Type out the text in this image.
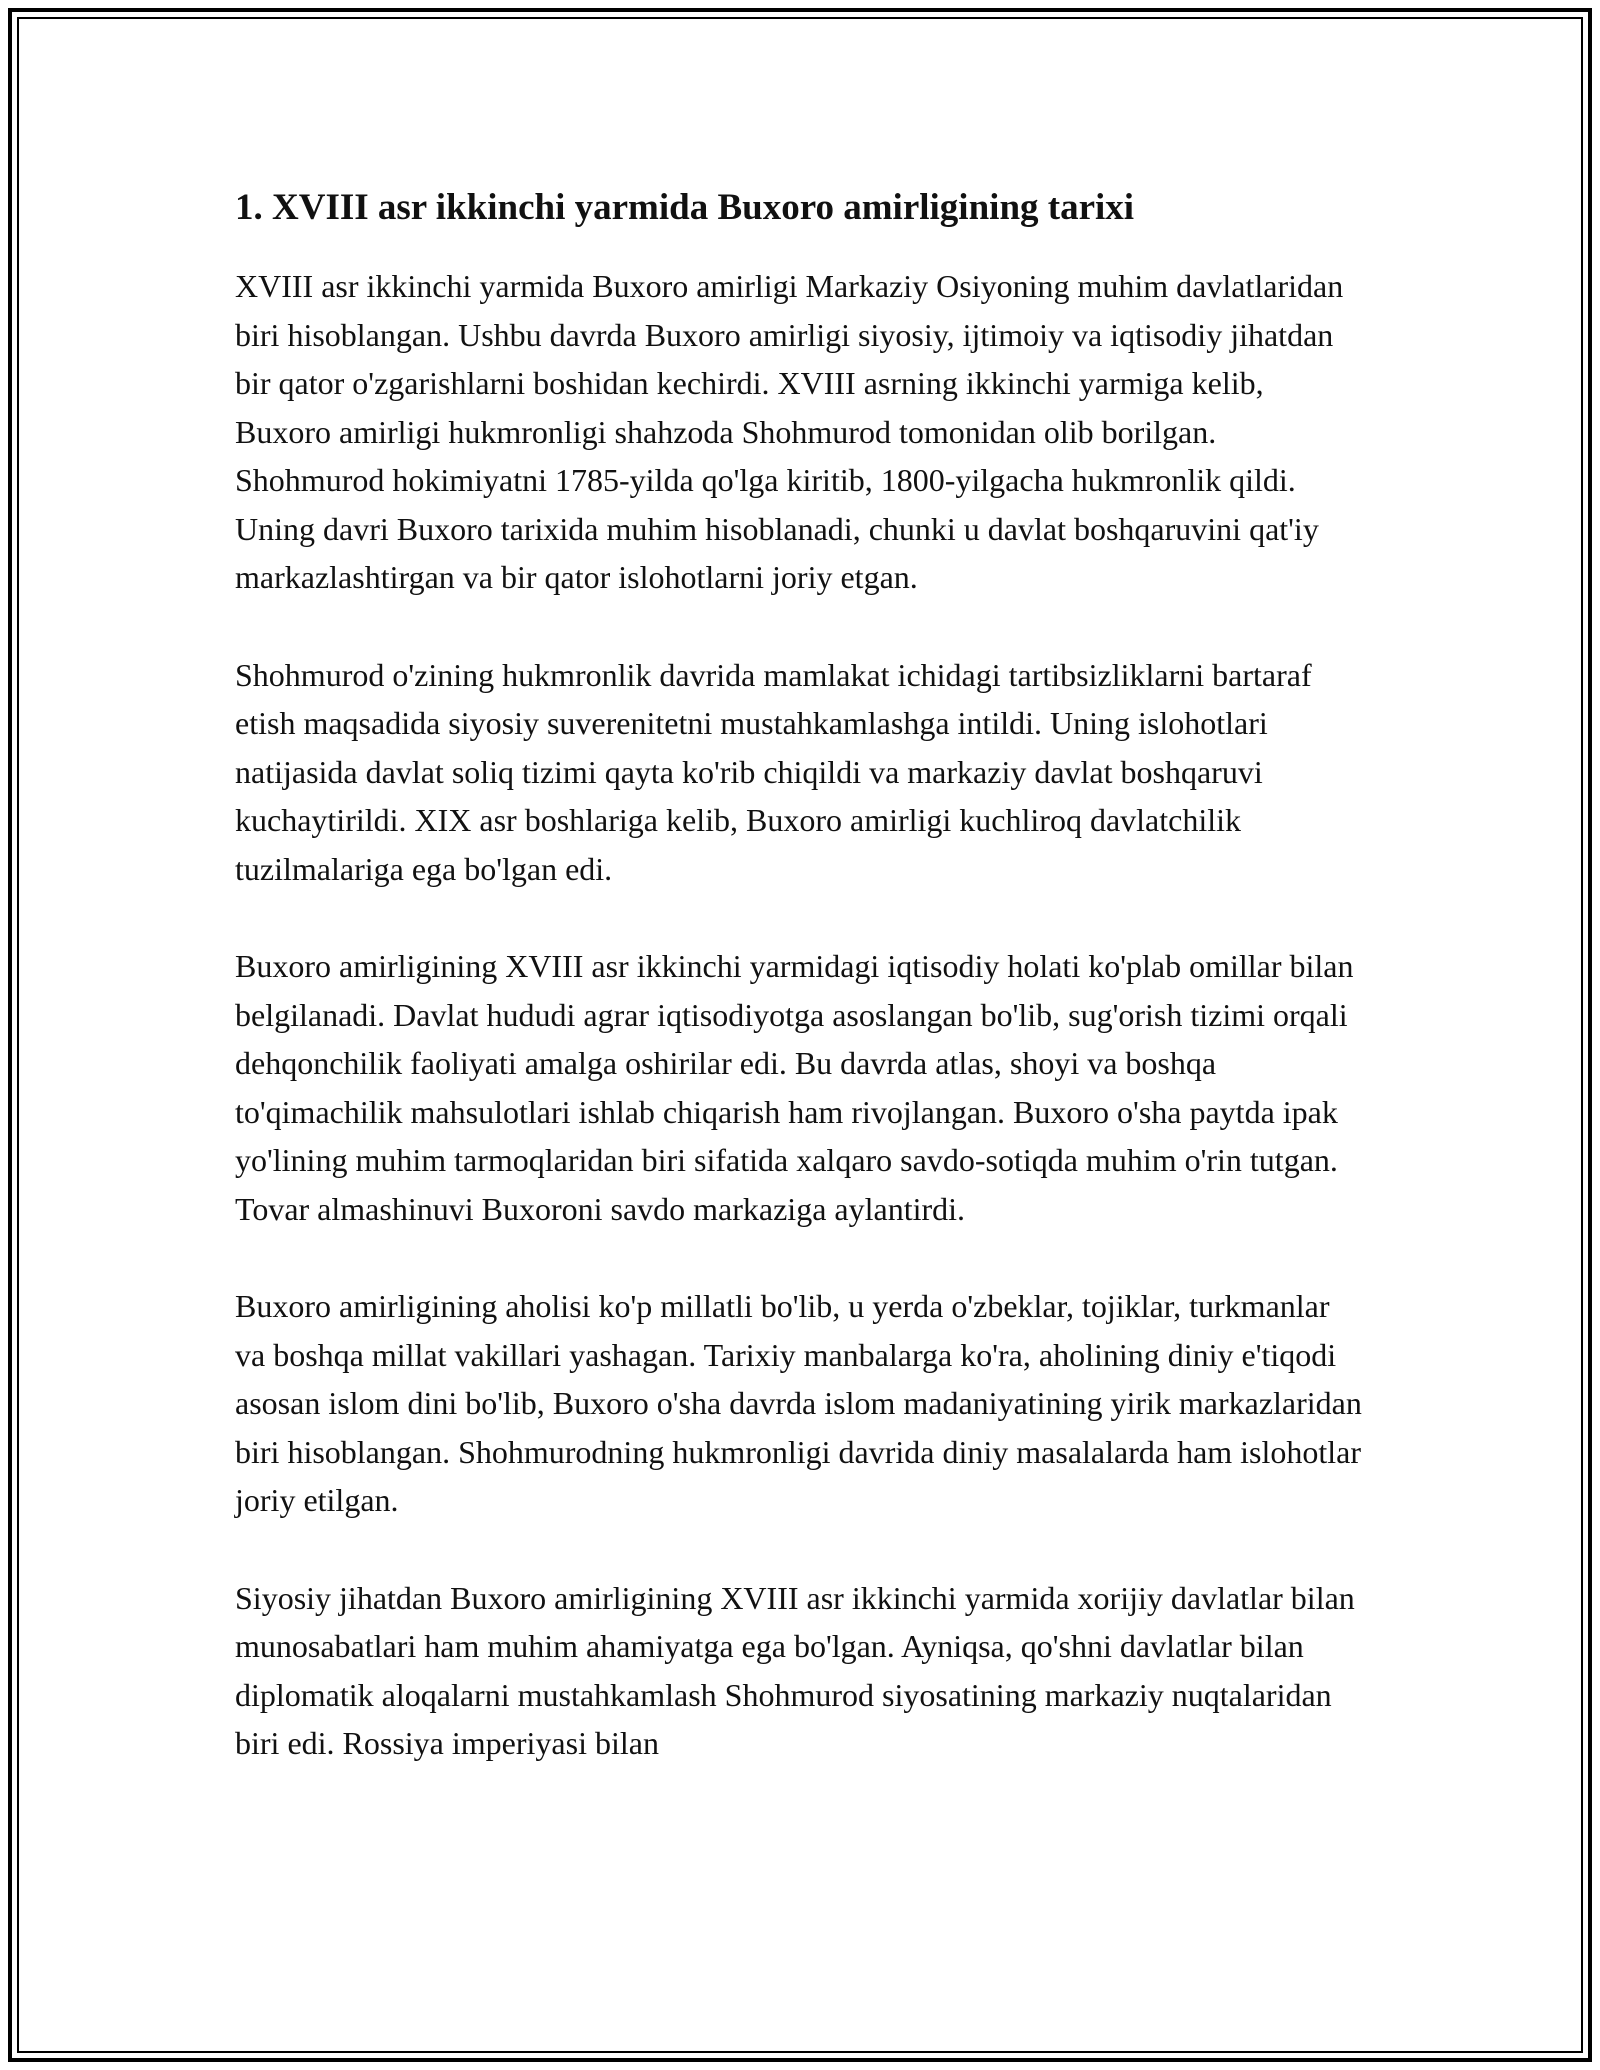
1. XVIII asr ikkinchi yarmida Buxoro amirligining tarixi

XVIII asr ikkinchi yarmida Buxoro amirligi Markaziy Osiyoning muhim davlatlaridan biri hisoblangan. Ushbu davrda Buxoro amirligi siyosiy, ijtimoiy va iqtisodiy jihatdan bir qator o'zgarishlarni boshidan kechirdi. XVIII asrning ikkinchi yarmiga kelib, Buxoro amirligi hukmronligi shahzoda Shohmurod tomonidan olib borilgan. Shohmurod hokimiyatni 1785-yilda qo'lga kiritib, 1800-yilgacha hukmronlik qildi. Uning davri Buxoro tarixida muhim hisoblanadi, chunki u davlat boshqaruvini qat'iy markazlashtirgan va bir qator islohotlarni joriy etgan.

Shohmurod o'zining hukmronlik davrida mamlakat ichidagi tartibsizliklarni bartaraf etish maqsadida siyosiy suverenitetni mustahkamlashga intildi. Uning islohotlari natijasida davlat soliq tizimi qayta ko'rib chiqildi va markaziy davlat boshqaruvi kuchaytirildi. XIX asr boshlariga kelib, Buxoro amirligi kuchliroq davlatchilik tuzilmalariga ega bo'lgan edi.

Buxoro amirligining XVIII asr ikkinchi yarmidagi iqtisodiy holati ko'plab omillar bilan belgilanadi. Davlat hududi agrar iqtisodiyotga asoslangan bo'lib, sug'orish tizimi orqali dehqonchilik faoliyati amalga oshirilar edi. Bu davrda atlas, shoyi va boshqa to'qimachilik mahsulotlari ishlab chiqarish ham rivojlangan. Buxoro o'sha paytda ipak yo'lining muhim tarmoqlaridan biri sifatida xalqaro savdo-sotiqda muhim o'rin tutgan. Tovar almashinuvi Buxoroni savdo markaziga aylantirdi.

Buxoro amirligining aholisi ko'p millatli bo'lib, u yerda o'zbeklar, tojiklar, turkmanlar va boshqa millat vakillari yashagan. Tarixiy manbalarga ko'ra, aholining diniy e'tiqodi asosan islom dini bo'lib, Buxoro o'sha davrda islom madaniyatining yirik markazlaridan biri hisoblangan. Shohmurodning hukmronligi davrida diniy masalalarda ham islohotlar joriy etilgan.

Siyosiy jihatdan Buxoro amirligining XVIII asr ikkinchi yarmida xorijiy davlatlar bilan munosabatlari ham muhim ahamiyatga ega bo'lgan. Ayniqsa, qo'shni davlatlar bilan diplomatik aloqalarni mustahkamlash Shohmurod siyosatining markaziy nuqtalaridan biri edi. Rossiya imperiyasi bilan
